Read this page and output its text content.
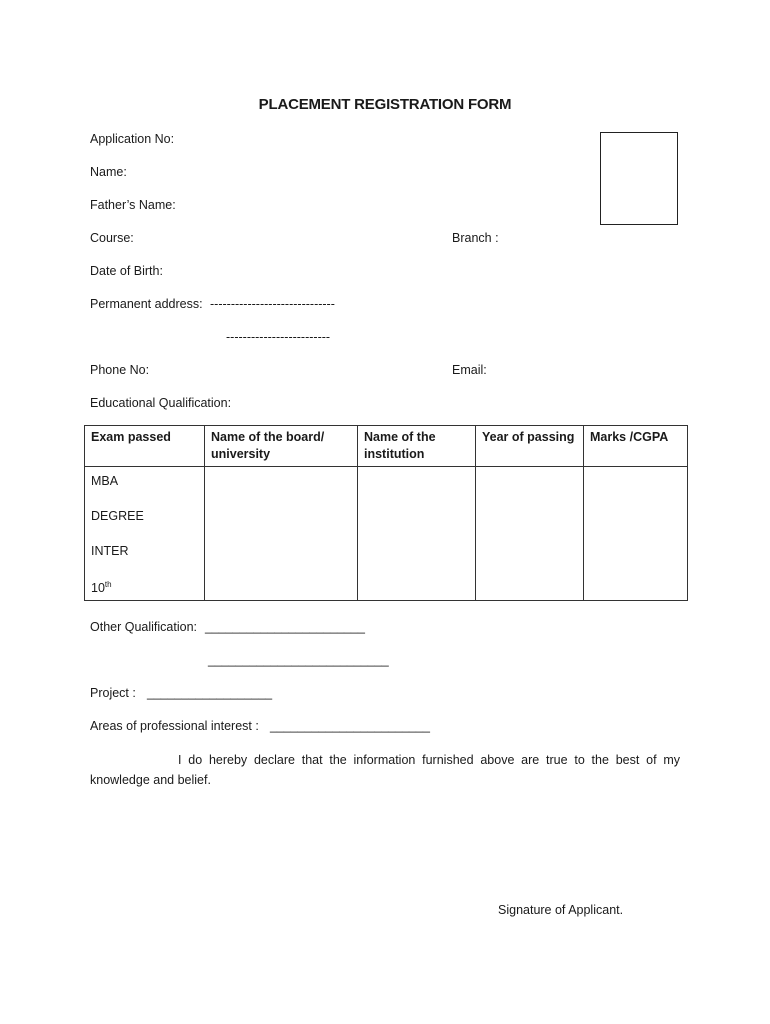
PLACEMENT REGISTRATION FORM
Application No:
Name:
Father’s Name:
Course:	Branch :
Date of Birth:
Permanent address: ------------------------------
-------------------------
Phone No:	Email:
Educational Qualification:
Exam passed	Name of the board/ university	Name of the institution	Year of passing	Marks /CGPA

MBA
DEGREE
INTER
10th

Other Qualification: _______________________
__________________________
Project : __________________
Areas of professional interest : _______________________
I do hereby declare that the information furnished above are true to the best of my knowledge and belief.
Signature of Applicant.
